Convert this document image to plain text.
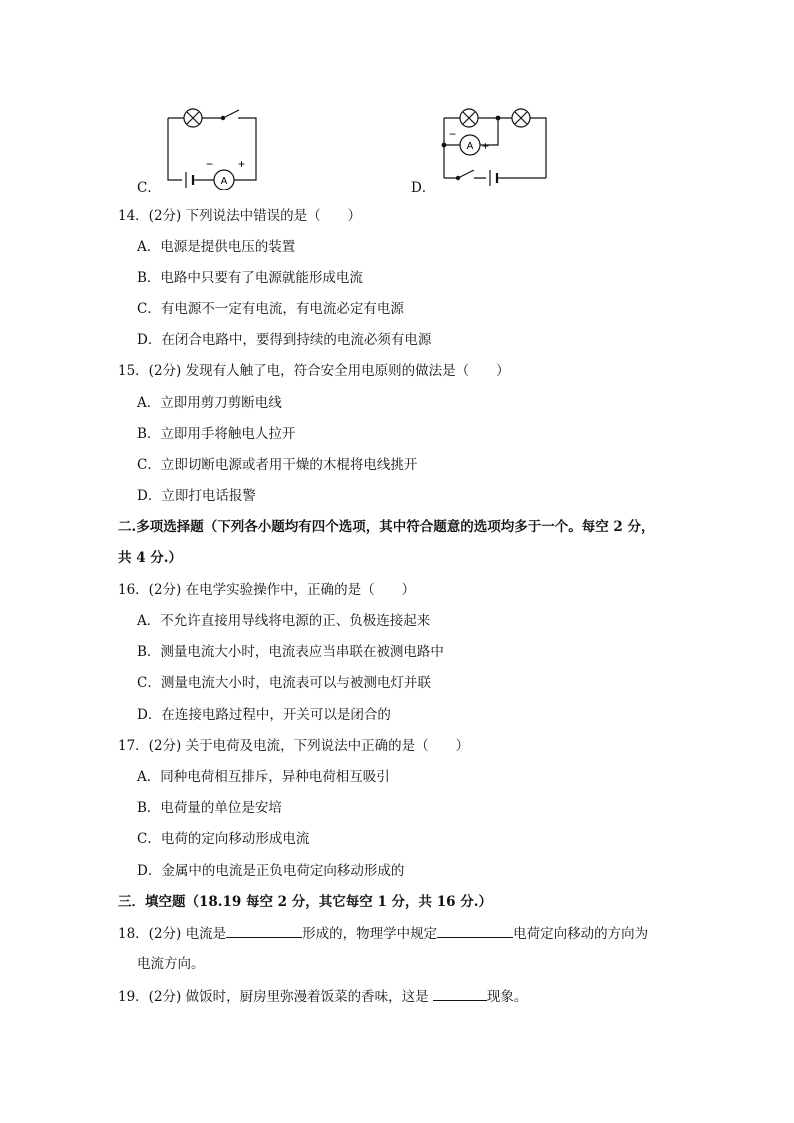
C．	A
− +
D．
A
−
+
14．(2分) 下列说法中错误的是（　　）
A．电源是提供电压的装置
B．电路中只要有了电源就能形成电流
C．有电源不一定有电流，有电流必定有电源
D．在闭合电路中，要得到持续的电流必须有电源
15．(2分) 发现有人触了电，符合安全用电原则的做法是（　　）
A．立即用剪刀剪断电线
B．立即用手将触电人拉开
C．立即切断电源或者用干燥的木棍将电线挑开
D．立即打电话报警
二.多项选择题（下列各小题均有四个选项，其中符合题意的选项均多于一个。每空 2 分，
共 4 分.）
16．(2分) 在电学实验操作中，正确的是（　　）
A．不允许直接用导线将电源的正、负极连接起来
B．测量电流大小时，电流表应当串联在被测电路中
C．测量电流大小时，电流表可以与被测电灯并联
D．在连接电路过程中，开关可以是闭合的
17．(2分) 关于电荷及电流，下列说法中正确的是（　　）
A．同种电荷相互排斥，异种电荷相互吸引
B．电荷量的单位是安培
C．电荷的定向移动形成电流
D．金属中的电流是正负电荷定向移动形成的
三．填空题（18.19 每空 2 分，其它每空 1 分，共 16 分.）
18．(2分) 电流是	形成的，物理学中规定	电荷定向移动的方向为
电流方向。
19．(2分) 做饭时，厨房里弥漫着饭菜的香味，这是	现象。
